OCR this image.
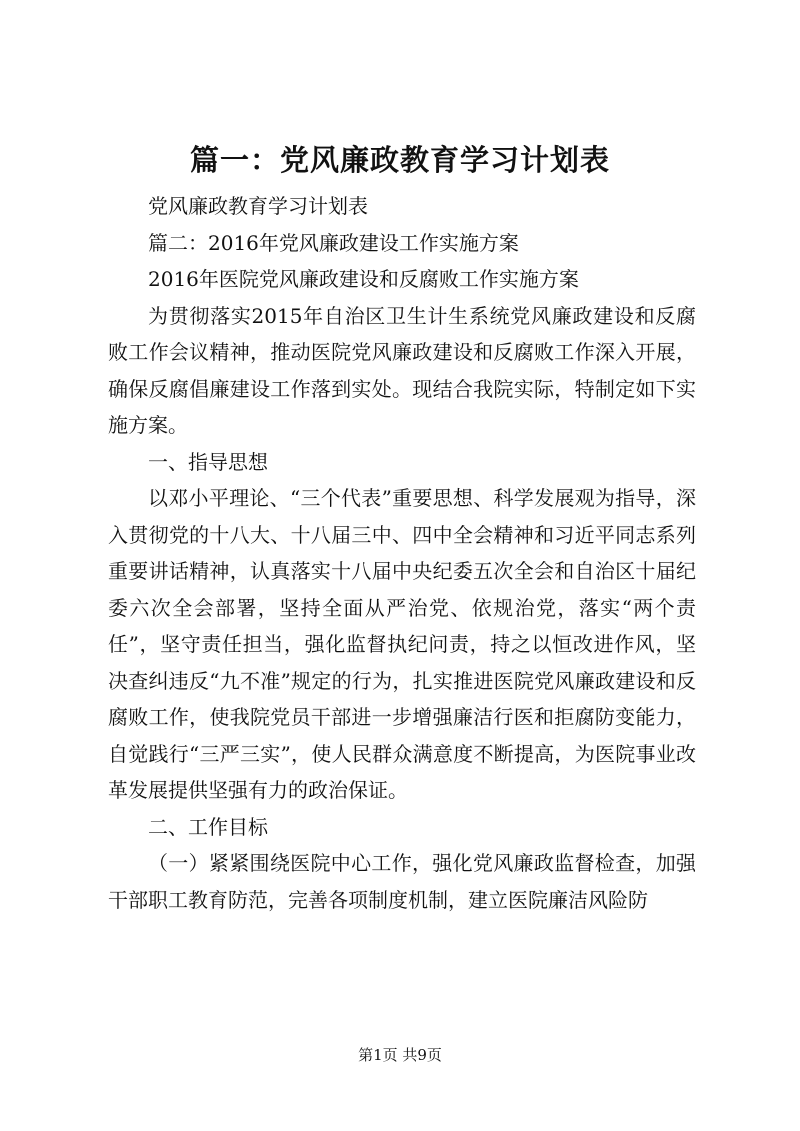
篇一：党风廉政教育学习计划表

党风廉政教育学习计划表

篇二：2016年党风廉政建设工作实施方案

2016年医院党风廉政建设和反腐败工作实施方案

为贯彻落实2015年自治区卫生计生系统党风廉政建设和反腐败工作会议精神，推动医院党风廉政建设和反腐败工作深入开展，确保反腐倡廉建设工作落到实处。现结合我院实际，特制定如下实施方案。

一、指导思想

以邓小平理论、“三个代表”重要思想、科学发展观为指导，深入贯彻党的十八大、十八届三中、四中全会精神和习近平同志系列重要讲话精神，认真落实十八届中央纪委五次全会和自治区十届纪委六次全会部署，坚持全面从严治党、依规治党，落实“两个责任”，坚守责任担当，强化监督执纪问责，持之以恒改进作风，坚决查纠违反“九不准”规定的行为，扎实推进医院党风廉政建设和反腐败工作，使我院党员干部进一步增强廉洁行医和拒腐防变能力，自觉践行“三严三实”，使人民群众满意度不断提高，为医院事业改革发展提供坚强有力的政治保证。

二、工作目标

（一）紧紧围绕医院中心工作，强化党风廉政监督检查，加强干部职工教育防范，完善各项制度机制，建立医院廉洁风险防

第1页 共9页
